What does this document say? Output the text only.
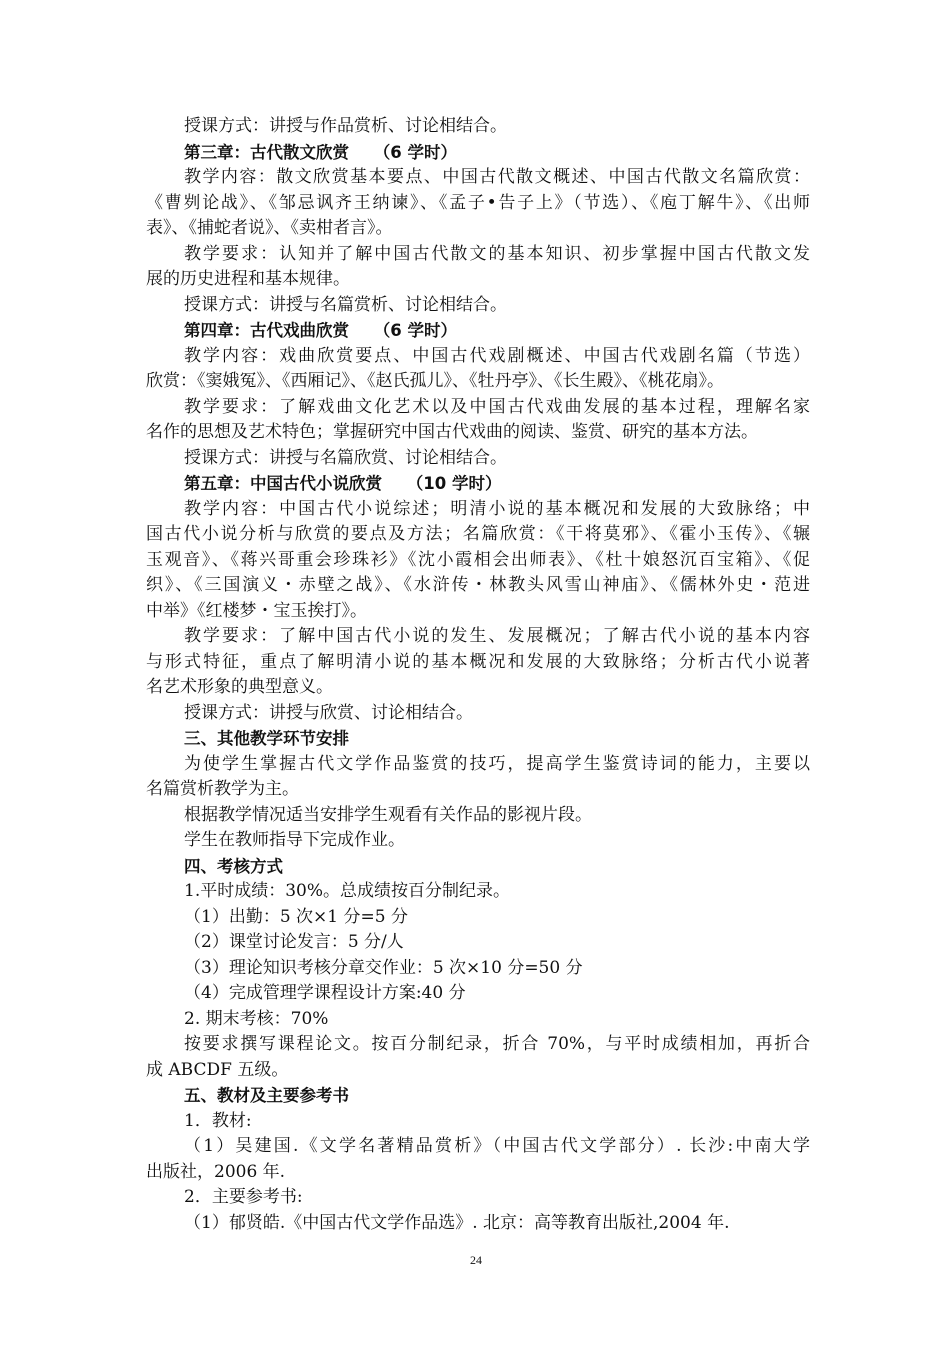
授课方式：讲授与作品赏析、讨论相结合。
第三章：古代散文欣赏　　（6 学时）
教学内容：散文欣赏基本要点、中国古代散文概述、中国古代散文名篇欣赏：
《曹刿论战》、《邹忌讽齐王纳谏》、《孟子•告子上》（节选）、《庖丁解牛》、《出师
表》、《捕蛇者说》、《卖柑者言》。
教学要求：认知并了解中国古代散文的基本知识、初步掌握中国古代散文发
展的历史进程和基本规律。
授课方式：讲授与名篇赏析、讨论相结合。
第四章：古代戏曲欣赏　　（6 学时）
教学内容：戏曲欣赏要点、中国古代戏剧概述、中国古代戏剧名篇（节选）
欣赏：《窦娥冤》、《西厢记》、《赵氏孤儿》、《牡丹亭》、《长生殿》、《桃花扇》。
教学要求：了解戏曲文化艺术以及中国古代戏曲发展的基本过程，理解名家
名作的思想及艺术特色；掌握研究中国古代戏曲的阅读、鉴赏、研究的基本方法。
授课方式：讲授与名篇欣赏、讨论相结合。
第五章：中国古代小说欣赏　　（10 学时）
教学内容：中国古代小说综述；明清小说的基本概况和发展的大致脉络；中
国古代小说分析与欣赏的要点及方法；名篇欣赏：《干将莫邪》、《霍小玉传》、《辗
玉观音》、《蒋兴哥重会珍珠衫》《沈小霞相会出师表》、《杜十娘怒沉百宝箱》、《促
织》、《三国演义・赤壁之战》、《水浒传・林教头风雪山神庙》、《儒林外史・范进
中举》《红楼梦・宝玉挨打》。
教学要求：了解中国古代小说的发生、发展概况；了解古代小说的基本内容
与形式特征，重点了解明清小说的基本概况和发展的大致脉络；分析古代小说著
名艺术形象的典型意义。
授课方式：讲授与欣赏、讨论相结合。
三、其他教学环节安排
为使学生掌握古代文学作品鉴赏的技巧，提高学生鉴赏诗词的能力，主要以
名篇赏析教学为主。
根据教学情况适当安排学生观看有关作品的影视片段。
学生在教师指导下完成作业。
四、考核方式
1.平时成绩：30%。总成绩按百分制纪录。
（1）出勤：5 次×1 分=5 分
（2）课堂讨论发言：5 分/人
（3）理论知识考核分章交作业：5 次×10 分=50 分
（4）完成管理学课程设计方案:40 分
2. 期末考核：70%
按要求撰写课程论文。按百分制纪录，折合 70%，与平时成绩相加，再折合
成 ABCDF 五级。
五、教材及主要参考书
1．教材:
（1）吴建国.《文学名著精品赏析》（中国古代文学部分）. 长沙:中南大学
出版社，2006 年.
2．主要参考书:
（1）郁贤皓.《中国古代文学作品选》. 北京：高等教育出版社,2004 年.
24
